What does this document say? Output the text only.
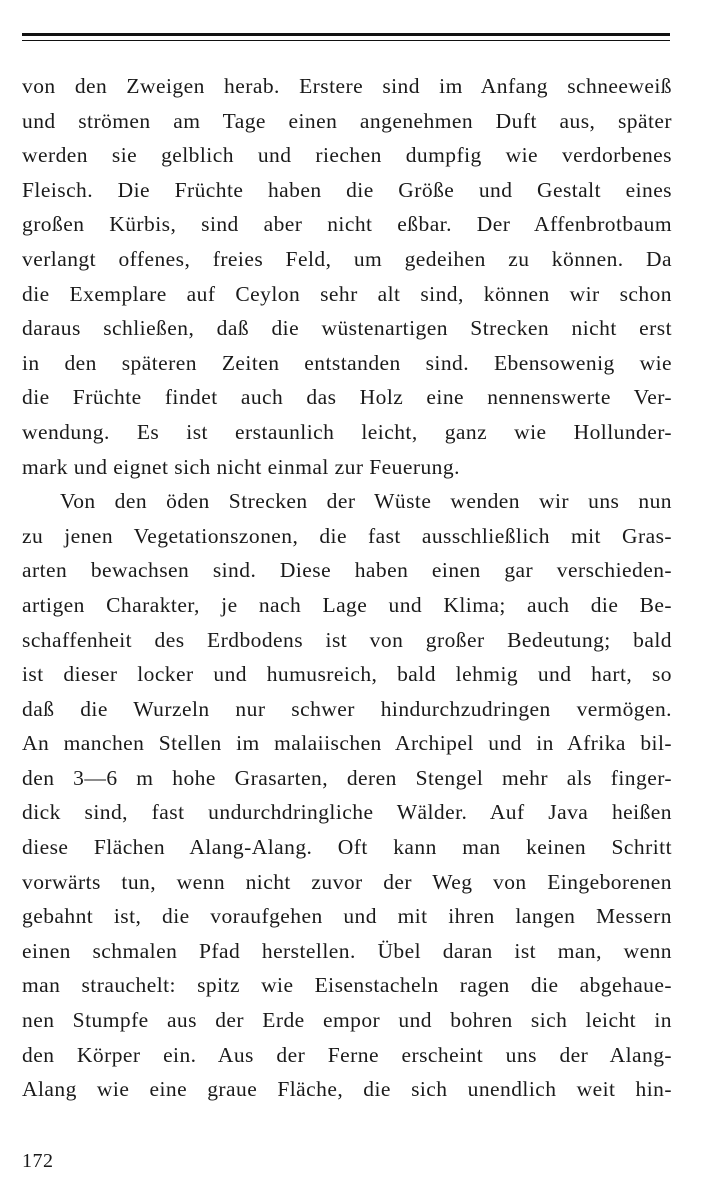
von den Zweigen herab. Erstere sind im Anfang schneeweiß
und strömen am Tage einen angenehmen Duft aus, später
werden sie gelblich und riechen dumpfig wie verdorbenes
Fleisch. Die Früchte haben die Größe und Gestalt eines
großen Kürbis, sind aber nicht eßbar. Der Affenbrotbaum
verlangt offenes, freies Feld, um gedeihen zu können. Da
die Exemplare auf Ceylon sehr alt sind, können wir schon
daraus schließen, daß die wüstenartigen Strecken nicht erst
in den späteren Zeiten entstanden sind. Ebensowenig wie
die Früchte findet auch das Holz eine nennenswerte Ver-
wendung. Es ist erstaunlich leicht, ganz wie Hollunder-
mark und eignet sich nicht einmal zur Feuerung.
Von den öden Strecken der Wüste wenden wir uns nun
zu jenen Vegetationszonen, die fast ausschließlich mit Gras-
arten bewachsen sind. Diese haben einen gar verschieden-
artigen Charakter, je nach Lage und Klima; auch die Be-
schaffenheit des Erdbodens ist von großer Bedeutung; bald
ist dieser locker und humusreich, bald lehmig und hart, so
daß die Wurzeln nur schwer hindurchzudringen vermögen.
An manchen Stellen im malaiischen Archipel und in Afrika bil-
den 3—6 m hohe Grasarten, deren Stengel mehr als finger-
dick sind, fast undurchdringliche Wälder. Auf Java heißen
diese Flächen Alang-Alang. Oft kann man keinen Schritt
vorwärts tun, wenn nicht zuvor der Weg von Eingeborenen
gebahnt ist, die voraufgehen und mit ihren langen Messern
einen schmalen Pfad herstellen. Übel daran ist man, wenn
man strauchelt: spitz wie Eisenstacheln ragen die abgehaue-
nen Stumpfe aus der Erde empor und bohren sich leicht in
den Körper ein. Aus der Ferne erscheint uns der Alang-
Alang wie eine graue Fläche, die sich unendlich weit hin-
172
